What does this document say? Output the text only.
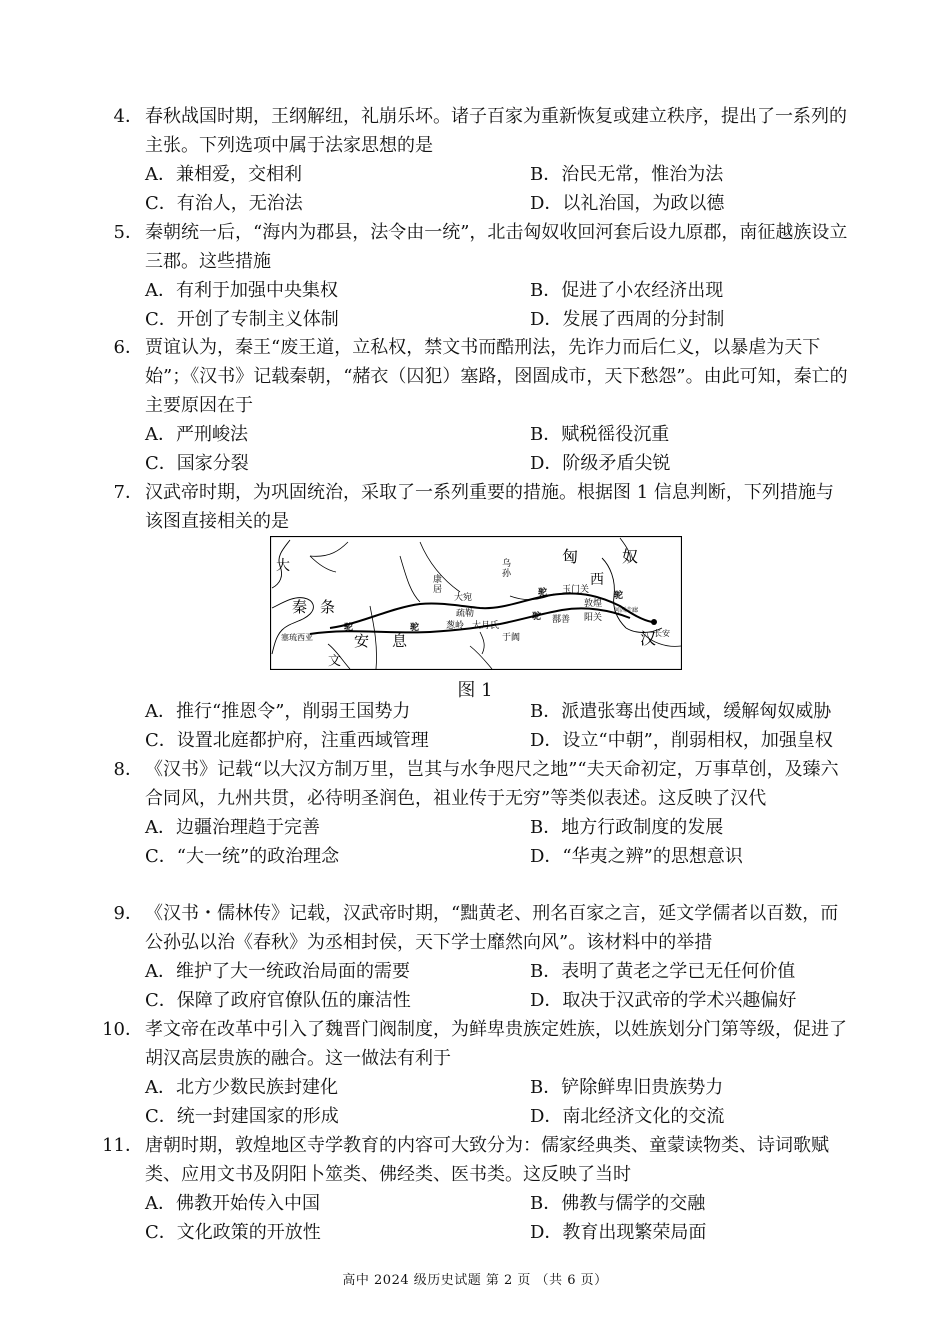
4． 春秋战国时期，王纲解纽，礼崩乐坏。诸子百家为重新恢复或建立秩序，提出了一系列的主张。下列选项中属于法家思想的是
A．兼相爱，交相利	B．治民无常，惟治为法
C．有治人，无治法	D．以礼治国，为政以德
5． 秦朝统一后，“海内为郡县，法令由一统”，北击匈奴收回河套后设九原郡，南征越族设立三郡。这些措施
A．有利于加强中央集权	B．促进了小农经济出现
C．开创了专制主义体制	D．发展了西周的分封制
6． 贾谊认为，秦王“废王道，立私权，禁文书而酷刑法，先诈力而后仁义，以暴虐为天下始”；《汉书》记载秦朝，“赭衣（囚犯）塞路，囹圄成市，天下愁怨”。由此可知，秦亡的主要原因在于
A．严刑峻法	B．赋税徭役沉重
C．国家分裂	D．阶级矛盾尖锐
7． 汉武帝时期，为巩固统治，采取了一系列重要的措施。根据图 1 信息判断，下列措施与该图直接相关的是
驼	驼
驼
驼	驼
匈	奴
西
汉
大
秦 条
安 息
文
塞琉西亚
康居
乌孙
大宛
疏勒
葱岭 大月氏
于阗
玉门关
敦煌
阳关
鄯善
长安
河西走廊
图 1
A．推行“推恩令”，削弱王国势力	B．派遣张骞出使西域，缓解匈奴威胁
C．设置北庭都护府，注重西域管理	D．设立“中朝”，削弱相权，加强皇权
8． 《汉书》记载“以大汉方制万里，岂其与水争咫尺之地”“夫天命初定，万事草创，及臻六合同风，九州共贯，必待明圣润色，祖业传于无穷”等类似表述。这反映了汉代
A．边疆治理趋于完善	B．地方行政制度的发展
C．“大一统”的政治理念	D．“华夷之辨”的思想意识
9． 《汉书・儒林传》记载，汉武帝时期，“黜黄老、刑名百家之言，延文学儒者以百数，而公孙弘以治《春秋》为丞相封侯，天下学士靡然向风”。该材料中的举措
A．维护了大一统政治局面的需要	B．表明了黄老之学已无任何价值
C．保障了政府官僚队伍的廉洁性	D．取决于汉武帝的学术兴趣偏好
10． 孝文帝在改革中引入了魏晋门阀制度，为鲜卑贵族定姓族，以姓族划分门第等级，促进了胡汉高层贵族的融合。这一做法有利于
A．北方少数民族封建化	B．铲除鲜卑旧贵族势力
C．统一封建国家的形成	D．南北经济文化的交流
11． 唐朝时期，敦煌地区寺学教育的内容可大致分为：儒家经典类、童蒙读物类、诗词歌赋类、应用文书及阴阳卜筮类、佛经类、医书类。这反映了当时
A．佛教开始传入中国	B．佛教与儒学的交融
C．文化政策的开放性	D．教育出现繁荣局面
高中 2024 级历史试题 第 2 页 （共 6 页）
